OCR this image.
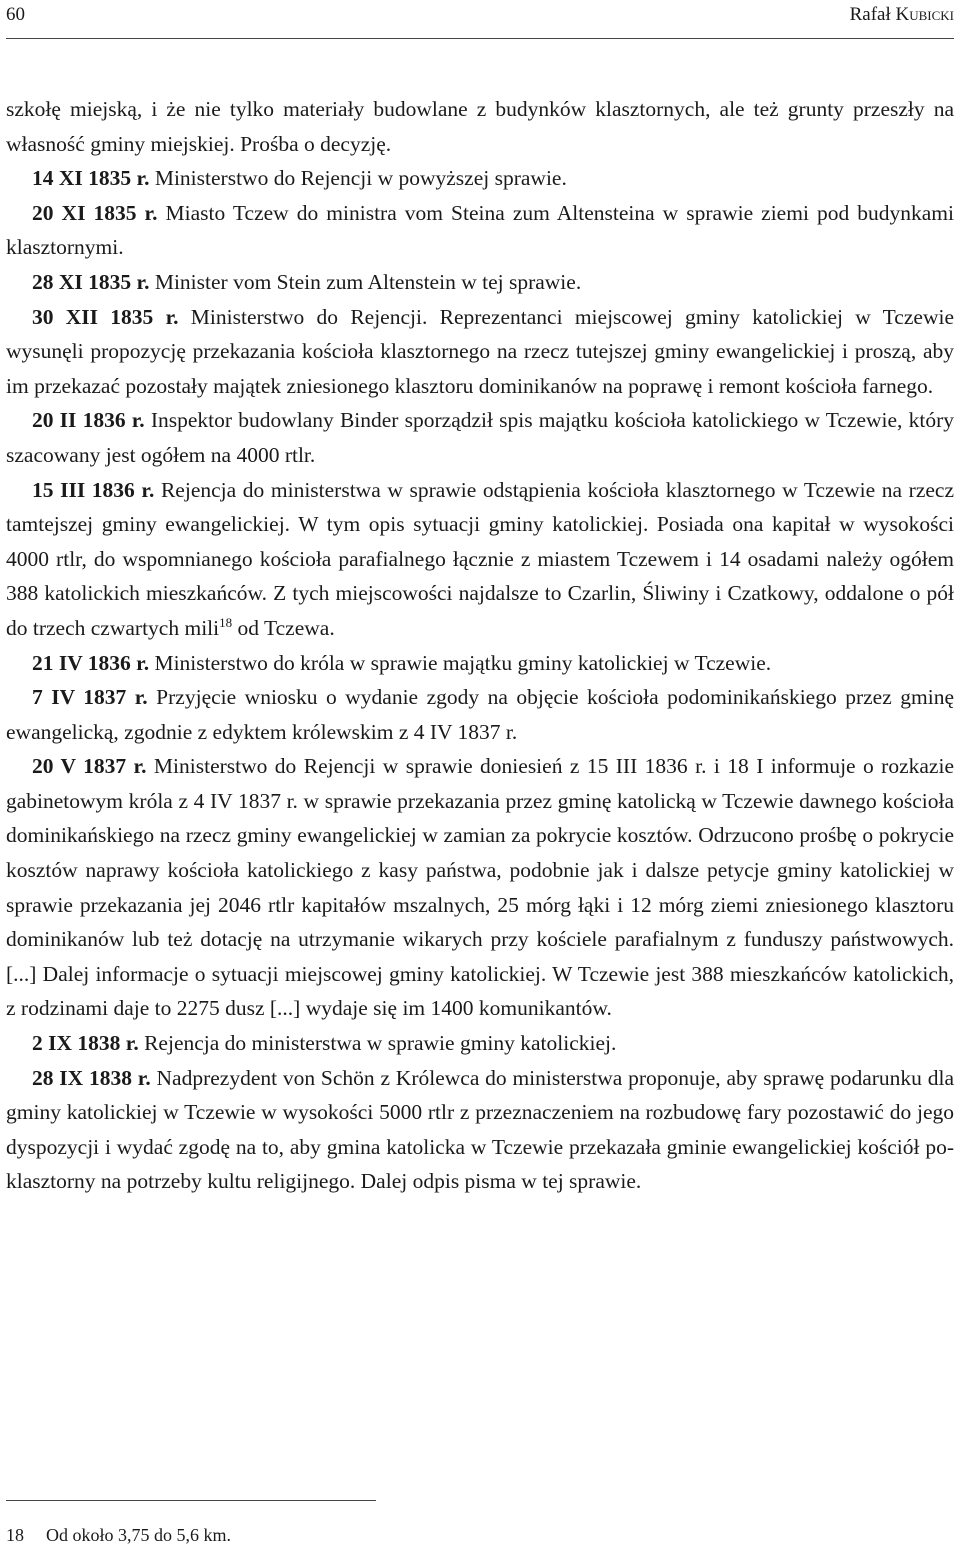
60	Rafał Kubicki

szkołę miejską, i że nie tylko materiały budowlane z budynków klasztornych, ale też grunty przeszły na własność gminy miejskiej. Prośba o decyzję.

14 XI 1835 r. Ministerstwo do Rejencji w powyższej sprawie.

20 XI 1835 r. Miasto Tczew do ministra vom Steina zum Altensteina w sprawie ziemi pod budynkami klasztornymi.

28 XI 1835 r. Minister vom Stein zum Altenstein w tej sprawie.

30 XII 1835 r. Ministerstwo do Rejencji. Reprezentanci miejscowej gminy katolickiej w Tczewie wysunęli propozycję przekazania kościoła klasztornego na rzecz tutejszej gminy ewangelickiej i proszą, aby im przekazać pozostały majątek zniesionego klasztoru dominikanów na poprawę i remont kościoła farnego.

20 II 1836 r. Inspektor budowlany Binder sporządził spis majątku kościoła katolickiego w Tczewie, który szacowany jest ogółem na 4000 rtlr.

15 III 1836 r. Rejencja do ministerstwa w sprawie odstąpienia kościoła klasztornego w Tczewie na rzecz tamtejszej gminy ewangelickiej. W tym opis sytuacji gminy katolickiej. Posiada ona kapitał w wysokości 4000 rtlr, do wspomnianego kościoła parafialnego łącznie z miastem Tczewem i 14 osadami należy ogółem 388 katolickich mieszkańców. Z tych miejscowości najdalsze to Czarlin, Śliwiny i Czatkowy, oddalone o pół do trzech czwartych mili$^{18}$ od Tczewa.

21 IV 1836 r. Ministerstwo do króla w sprawie majątku gminy katolickiej w Tczewie.

7 IV 1837 r. Przyjęcie wniosku o wydanie zgody na objęcie kościoła podominikańskiego przez gminę ewangelicką, zgodnie z edyktem królewskim z 4 IV 1837 r.

20 V 1837 r. Ministerstwo do Rejencji w sprawie doniesień z 15 III 1836 r. i 18 I informuje o rozkazie gabinetowym króla z 4 IV 1837 r. w sprawie przekazania przez gminę katolicką w Tczewie dawnego kościoła dominikańskiego na rzecz gminy ewangelickiej w zamian za pokrycie kosztów. Odrzucono prośbę o pokrycie kosztów naprawy kościoła katolickiego z kasy państwa, podobnie jak i dalsze petycje gminy katolickiej w sprawie przekazania jej 2046 rtlr kapitałów mszalnych, 25 mórg łąki i 12 mórg ziemi zniesionego klasztoru dominikanów lub też dotację na utrzymanie wikarych przy kościele parafialnym z funduszy państwowych. [...] Dalej informacje o sytuacji miejscowej gminy katolickiej. W Tczewie jest 388 mieszkańców katolickich, z rodzinami daje to 2275 dusz [...] wydaje się im 1400 komunikantów.

2 IX 1838 r. Rejencja do ministerstwa w sprawie gminy katolickiej.

28 IX 1838 r. Nadprezydent von Schön z Królewca do ministerstwa proponuje, aby sprawę podarunku dla gminy katolickiej w Tczewie w wysokości 5000 rtlr z przeznaczeniem na rozbudowę fary pozostawić do jego dyspozycji i wydać zgodę na to, aby gmina katolicka w Tczewie przekazała gminie ewangelickiej kościół poklasztorny na potrzeby kultu religijnego. Dalej odpis pisma w tej sprawie.

18 Od około 3,75 do 5,6 km.
